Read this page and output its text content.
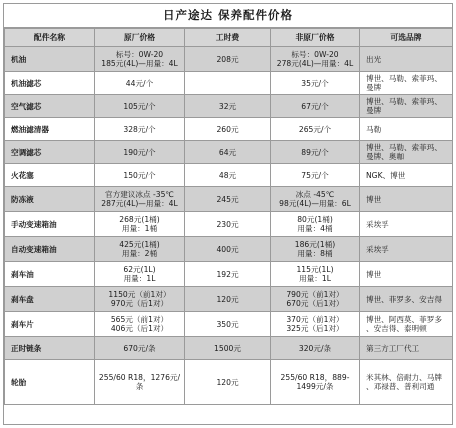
日产途达 保养配件价格
配件名称	原厂价格	工时费	非原厂价格	可选品牌
机油	标号：0W-20
185元(4L)—用量：4L	208元	标号：0W-20
278元(4L)—用量：4L	出光

机油滤芯	44元/个		35元/个	博世、马勒、索菲玛、
曼牌

空气滤芯	105元/个	32元	67元/个	博世、马勒、索菲玛、
曼牌

燃油滤清器	328元/个	260元	265元/个	马勒

空调滤芯	190元/个	64元	89元/个	博世、马勒、索菲玛、
曼牌、奥咖

火花塞	150元/个	48元	75元/个	NGK、博世

防冻液	官方建议冰点 -35℃
287元(4L)—用量：4L	245元	冰点 -45℃
98元(4L)—用量：6L	博世

手动变速箱油	268元(1桶)
用量：1桶	230元	80元(1桶)
用量：4桶	采埃孚

自动变速箱油	425元(1桶)
用量：2桶	400元	186元(1桶)
用量：8桶	采埃孚

刹车油	62元(1L)
用量：1L	192元	115元(1L)
用量：1L	博世

刹车盘	1150元（前1对）
970元（后1对）	120元	790元（前1对）
670元（后1对）	博世、菲罗多、安吉得

刹车片	565元（前1对）
406元（后1对）	350元	370元（前1对）
325元（后1对）	博世、阿西莫、菲罗多
、安吉得、泰明顿

正时链条	670元/条	1500元	320元/条	第三方工厂代工

轮胎	255/60 R18，1276元/条	120元	255/60 R18，889-1499元/条	米其林、倍耐力、马牌
、邓禄普、普利司通
